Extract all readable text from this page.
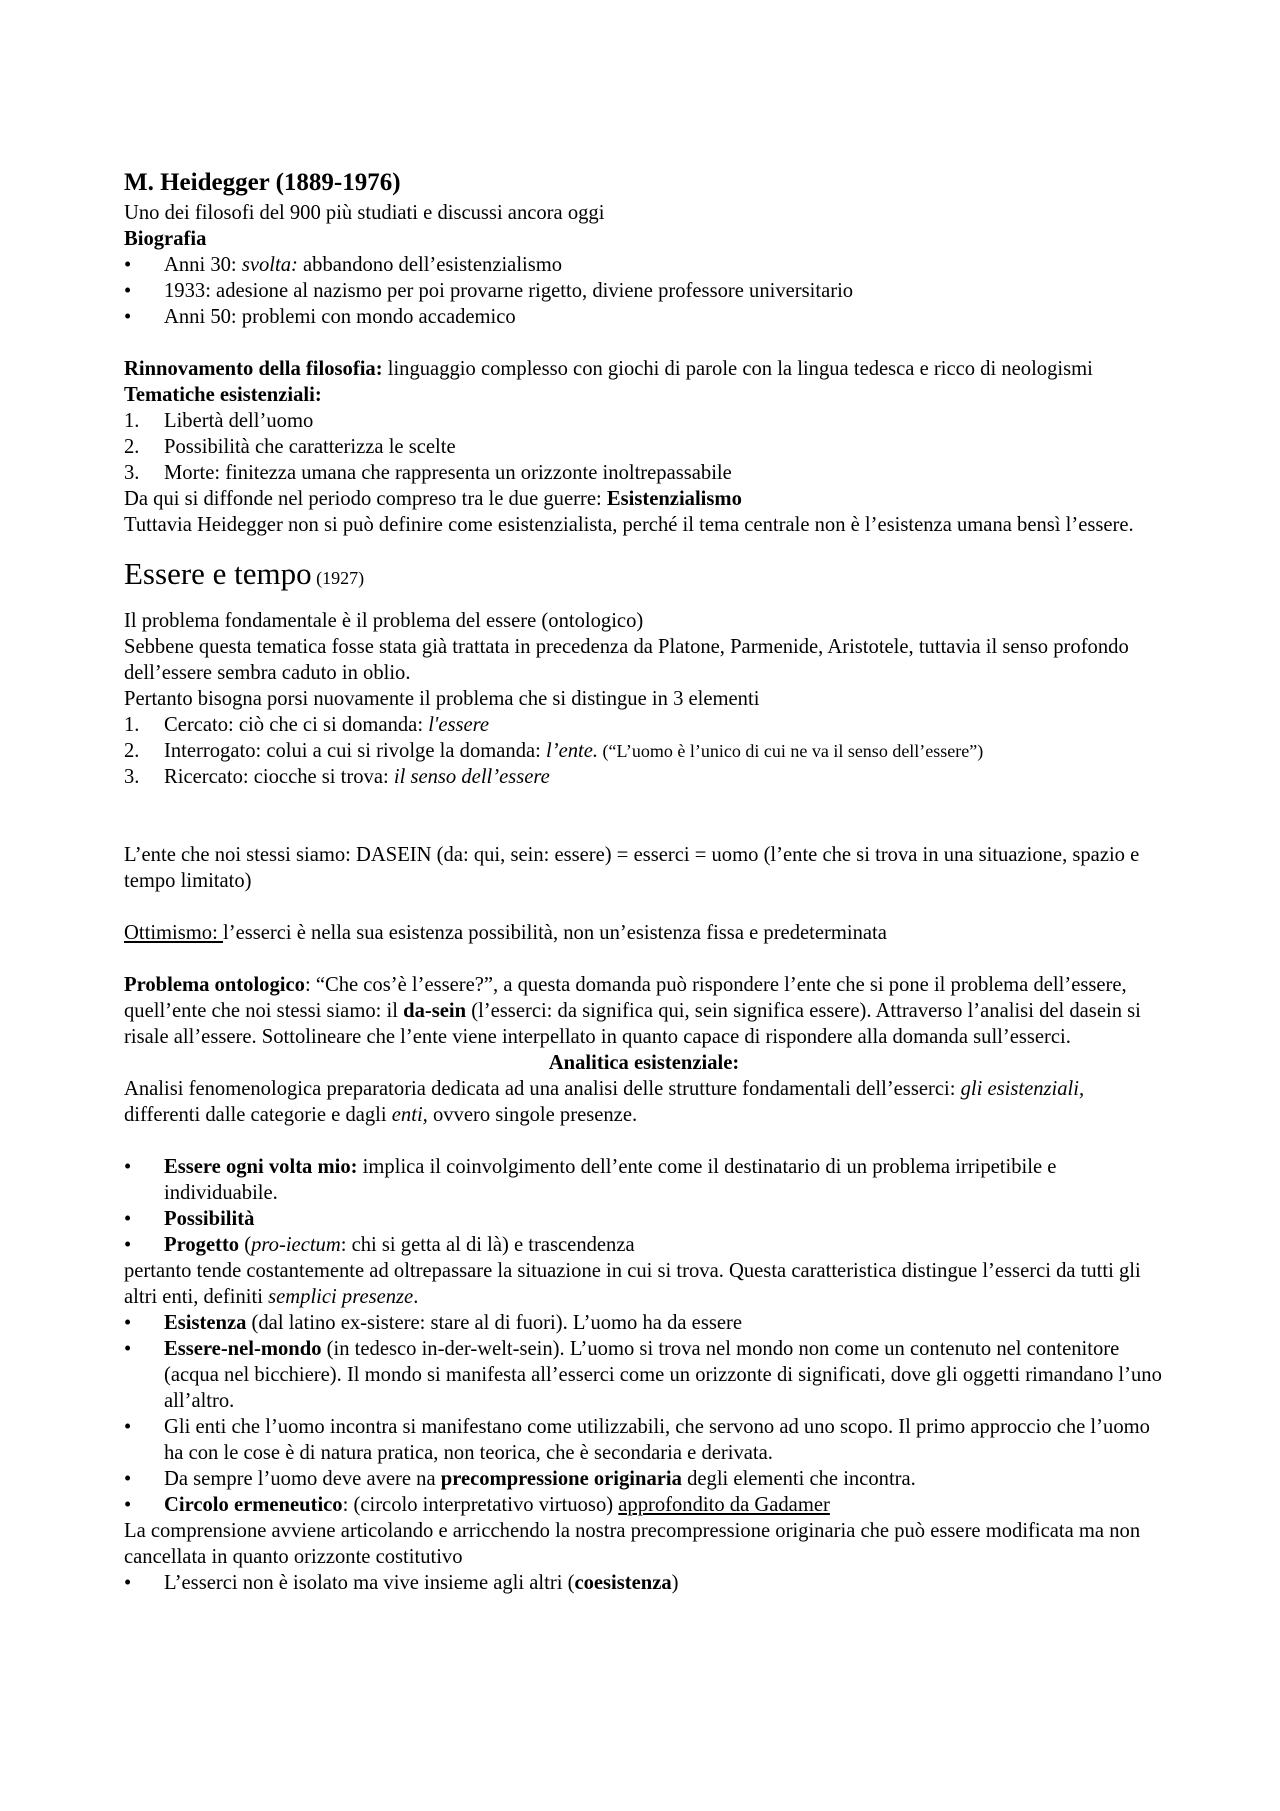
M. Heidegger (1889-1976)

Uno dei filosofi del 900 più studiati e discussi ancora oggi

Biografia

• Anni 30: svolta: abbandono dell’esistenzialismo
• 1933: adesione al nazismo per poi provarne rigetto, diviene professore universitario
• Anni 50: problemi con mondo accademico

Rinnovamento della filosofia: linguaggio complesso con giochi di parole con la lingua tedesca e ricco di neologismi

Tematiche esistenziali:

1. Libertà dell’uomo
2. Possibilità che caratterizza le scelte
3. Morte: finitezza umana che rappresenta un orizzonte inoltrepassabile

Da qui si diffonde nel periodo compreso tra le due guerre: Esistenzialismo

Tuttavia Heidegger non si può definire come esistenzialista, perché il tema centrale non è l’esistenza umana bensì l’essere.

Essere e tempo (1927)

Il problema fondamentale è il problema del essere (ontologico)

Sebbene questa tematica fosse stata già trattata in precedenza da Platone, Parmenide, Aristotele, tuttavia il senso profondo dell’essere sembra caduto in oblio.

Pertanto bisogna porsi nuovamente il problema che si distingue in 3 elementi

1. Cercato: ciò che ci si domanda: l'essere
2. Interrogato: colui a cui si rivolge la domanda: l’ente. (“L’uomo è l’unico di cui ne va il senso dell’essere”)
3. Ricercato: ciocche si trova: il senso dell’essere

L’ente che noi stessi siamo: DASEIN (da: qui, sein: essere) = esserci = uomo (l’ente che si trova in una situazione, spazio e tempo limitato)

Ottimismo: l’esserci è nella sua esistenza possibilità, non un’esistenza fissa e predeterminata

Problema ontologico: “Che cos’è l’essere?”, a questa domanda può rispondere l’ente che si pone il problema dell’essere, quell’ente che noi stessi siamo: il da-sein (l’esserci: da significa qui, sein significa essere). Attraverso l’analisi del dasein si risale all’essere. Sottolineare che l’ente viene interpellato in quanto capace di rispondere alla domanda sull’esserci.

Analitica esistenziale:

Analisi fenomenologica preparatoria dedicata ad una analisi delle strutture fondamentali dell’esserci: gli esistenziali, differenti dalle categorie e dagli enti, ovvero singole presenze.

• Essere ogni volta mio: implica il coinvolgimento dell’ente come il destinatario di un problema irripetibile e individuabile.
• Possibilità
• Progetto (pro-iectum: chi si getta al di là) e trascendenza

pertanto tende costantemente ad oltrepassare la situazione in cui si trova. Questa caratteristica distingue l’esserci da tutti gli altri enti, definiti semplici presenze.

• Esistenza (dal latino ex-sistere: stare al di fuori). L’uomo ha da essere
• Essere-nel-mondo (in tedesco in-der-welt-sein). L’uomo si trova nel mondo non come un contenuto nel contenitore (acqua nel bicchiere). Il mondo si manifesta all’esserci come un orizzonte di significati, dove gli oggetti rimandano l’uno all’altro.
• Gli enti che l’uomo incontra si manifestano come utilizzabili, che servono ad uno scopo. Il primo approccio che l’uomo ha con le cose è di natura pratica, non teorica, che è secondaria e derivata.
• Da sempre l’uomo deve avere na precompressione originaria degli elementi che incontra.
• Circolo ermeneutico: (circolo interpretativo virtuoso) approfondito da Gadamer

La comprensione avviene articolando e arricchendo la nostra precompressione originaria che può essere modificata ma non cancellata in quanto orizzonte costitutivo

• L’esserci non è isolato ma vive insieme agli altri (coesistenza)
